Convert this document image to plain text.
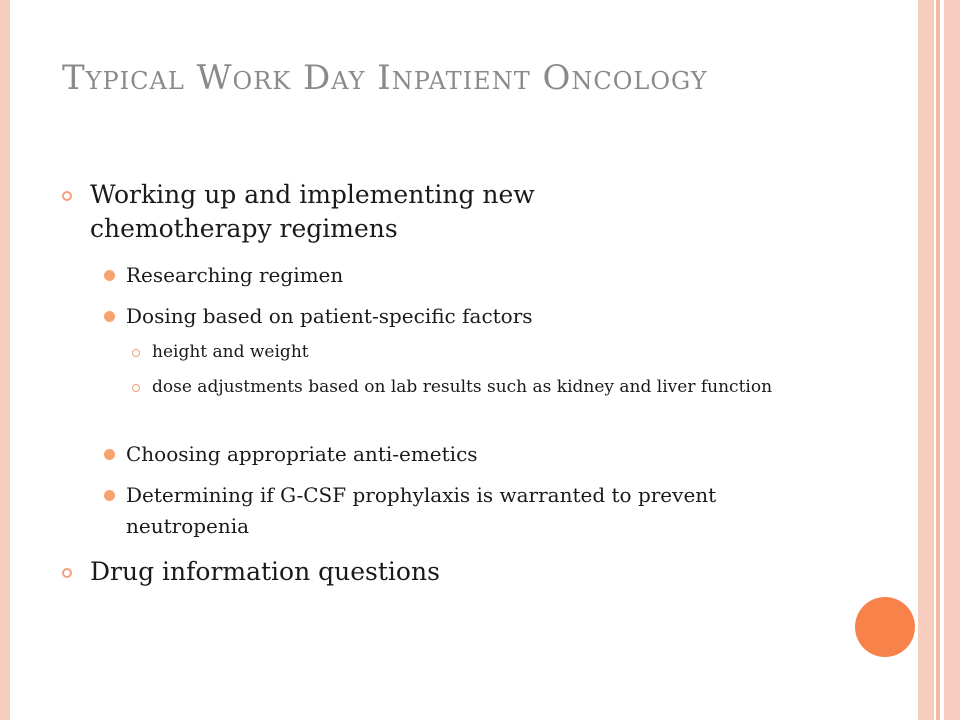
Typical Work Day Inpatient Oncology

Working up and implementing new chemotherapy regimens

Researching regimen

Dosing based on patient-specific factors

height and weight

dose adjustments based on lab results such as kidney and liver function

Choosing appropriate anti-emetics

Determining if G-CSF prophylaxis is warranted to prevent neutropenia

Drug information questions
